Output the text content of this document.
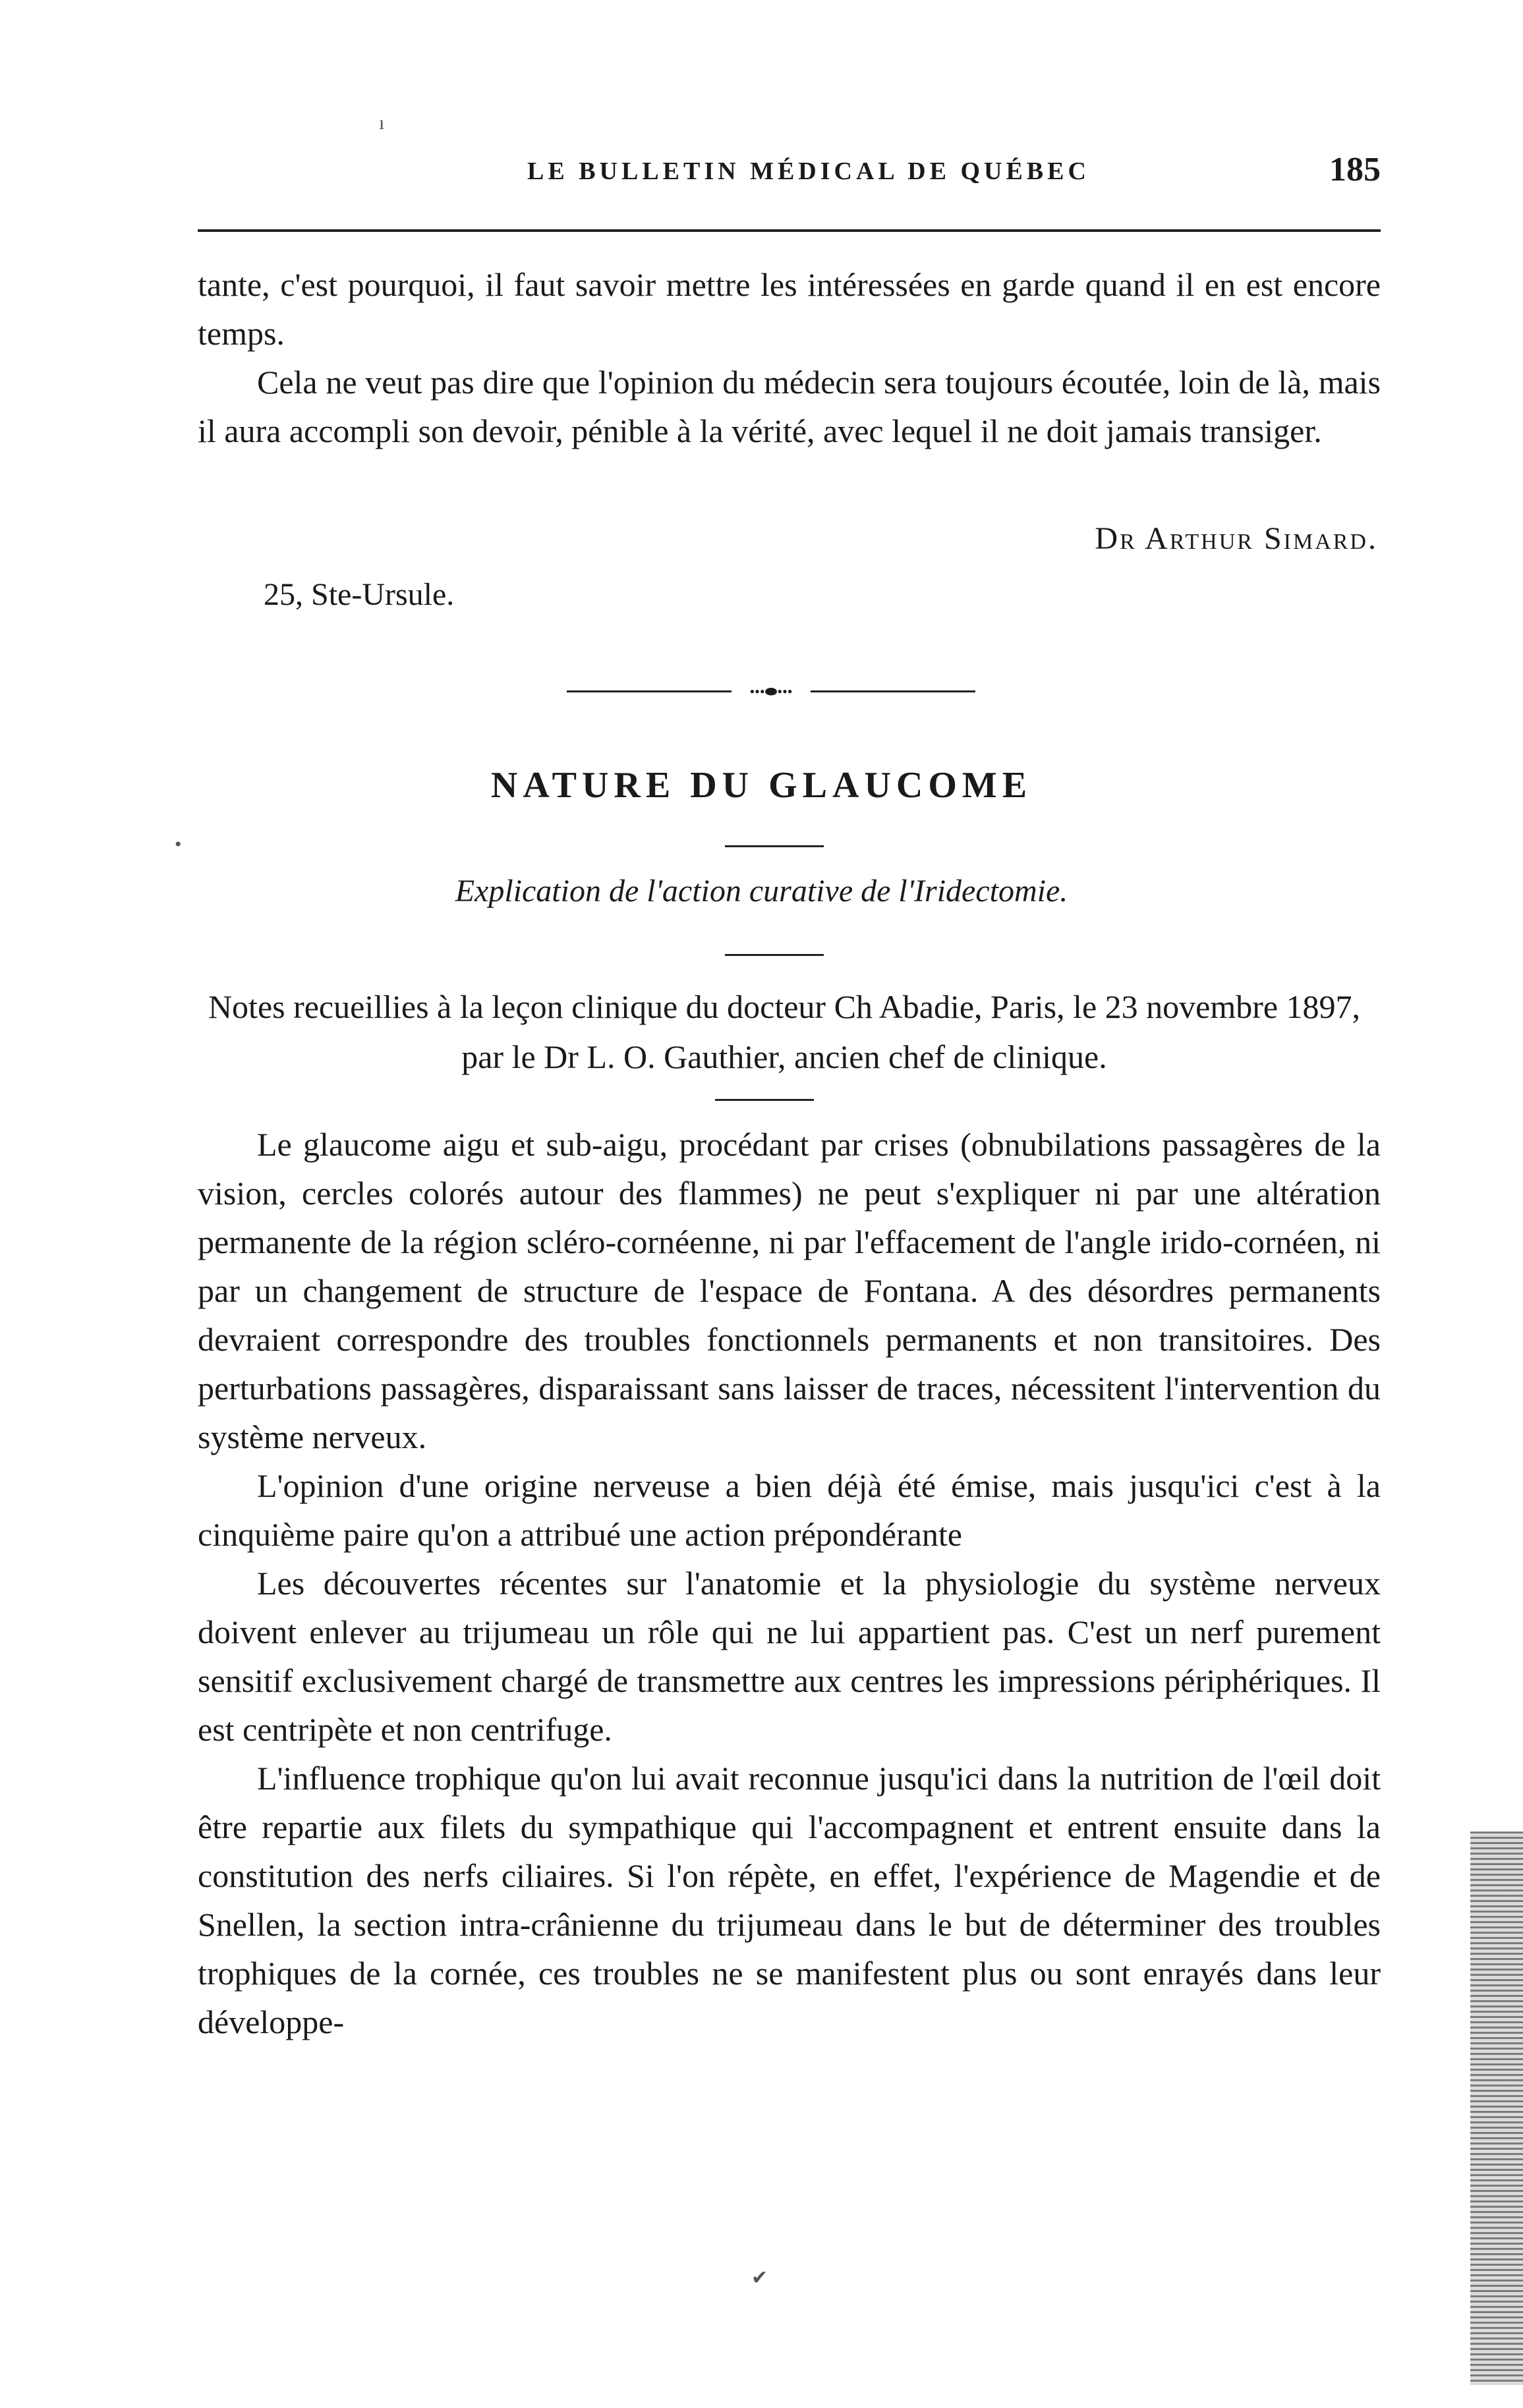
LE BULLETIN MÉDICAL DE QUÉBEC	185

tante, c'est pourquoi, il faut savoir mettre les intéressées en garde quand il en est encore temps.

Cela ne veut pas dire que l'opinion du médecin sera toujours écoutée, loin de là, mais il aura accompli son devoir, pénible à la vérité, avec lequel il ne doit jamais transiger.

Dr Arthur Simard.
25, Ste-Ursule.
•••⬬•••
NATURE DU GLAUCOME
Explication de l'action curative de l'Iridectomie.
Notes recueillies à la leçon clinique du docteur Ch Abadie, Paris, le 23 novembre 1897, par le Dr L. O. Gauthier, ancien chef de clinique.

Le glaucome aigu et sub-aigu, procédant par crises (obnubilations passagères de la vision, cercles colorés autour des flammes) ne peut s'expliquer ni par une altération permanente de la région scléro-cornéenne, ni par l'effacement de l'angle irido-cornéen, ni par un changement de structure de l'espace de Fontana. A des désordres permanents devraient correspondre des troubles fonctionnels permanents et non transitoires. Des perturbations passagères, disparaissant sans laisser de traces, nécessitent l'intervention du système nerveux.

L'opinion d'une origine nerveuse a bien déjà été émise, mais jusqu'ici c'est à la cinquième paire qu'on a attribué une action prépondérante

Les découvertes récentes sur l'anatomie et la physiologie du système nerveux doivent enlever au trijumeau un rôle qui ne lui appartient pas. C'est un nerf purement sensitif exclusivement chargé de transmettre aux centres les impressions périphériques. Il est centripète et non centrifuge.

L'influence trophique qu'on lui avait reconnue jusqu'ici dans la nutrition de l'œil doit être repartie aux filets du sympathique qui l'accompagnent et entrent ensuite dans la constitution des nerfs ciliaires. Si l'on répète, en effet, l'expérience de Magendie et de Snellen, la section intra-crânienne du trijumeau dans le but de déterminer des troubles trophiques de la cornée, ces troubles ne se manifestent plus ou sont enrayés dans leur développe-

ı
•
✔
